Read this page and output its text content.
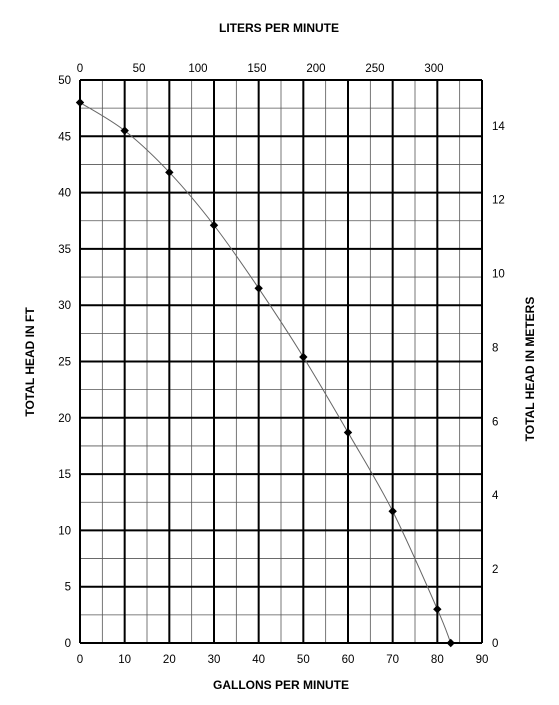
0	10	20	30	40	50	60	70	80	90
0
5
10
15
20
25
30
35
40
45
50
0	50	100	150	200	250	300
0
2
4
6
8
10
12
14
LITERS PER MINUTE
GALLONS PER MINUTE
TOTAL HEAD IN FT	TOTAL HEAD IN METERS
